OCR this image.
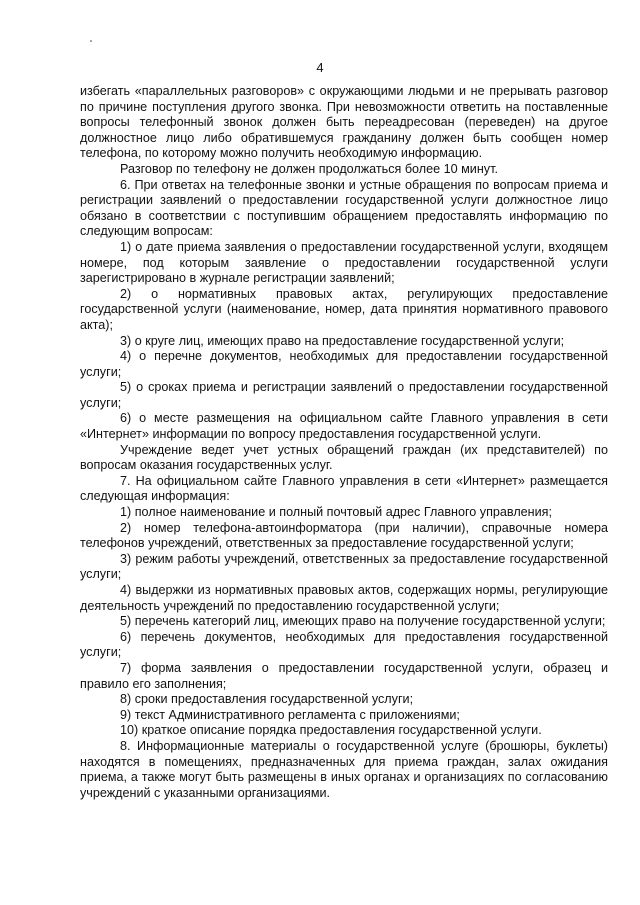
4

избегать «параллельных разговоров» с окружающими людьми и не прерывать разговор по причине поступления другого звонка. При невозможности ответить на поставленные вопросы телефонный звонок должен быть переадресован (переведен) на другое должностное лицо либо обратившемуся гражданину должен быть сообщен номер телефона, по которому можно получить необходимую информацию.

Разговор по телефону не должен продолжаться более 10 минут.

6. При ответах на телефонные звонки и устные обращения по вопросам приема и регистрации заявлений о предоставлении государственной услуги должностное лицо обязано в соответствии с поступившим обращением предоставлять информацию по следующим вопросам:

1) о дате приема заявления о предоставлении государственной услуги, входящем номере, под которым заявление о предоставлении государственной услуги зарегистрировано в журнале регистрации заявлений;

2) о нормативных правовых актах, регулирующих предоставление государственной услуги (наименование, номер, дата принятия нормативного правового акта);

3) о круге лиц, имеющих право на предоставление государственной услуги;

4) о перечне документов, необходимых для предоставлении государственной услуги;

5) о сроках приема и регистрации заявлений о предоставлении государственной услуги;

6) о месте размещения на официальном сайте Главного управления в сети «Интернет» информации по вопросу предоставления государственной услуги.

Учреждение ведет учет устных обращений граждан (их представителей) по вопросам оказания государственных услуг.

7. На официальном сайте Главного управления в сети «Интернет» размещается следующая информация:

1) полное наименование и полный почтовый адрес Главного управления;

2) номер телефона-автоинформатора (при наличии), справочные номера телефонов учреждений, ответственных за предоставление государственной услуги;

3) режим работы учреждений, ответственных за предоставление государственной услуги;

4) выдержки из нормативных правовых актов, содержащих нормы, регулирующие деятельность учреждений по предоставлению государственной услуги;

5) перечень категорий лиц, имеющих право на получение государственной услуги;

6) перечень документов, необходимых для предоставления государственной услуги;

7) форма заявления о предоставлении государственной услуги, образец и правило его заполнения;

8) сроки предоставления государственной услуги;

9) текст Административного регламента с приложениями;

10) краткое описание порядка предоставления государственной услуги.

8. Информационные материалы о государственной услуге (брошюры, буклеты) находятся в помещениях, предназначенных для приема граждан, залах ожидания приема, а также могут быть размещены в иных органах и организациях по согласованию учреждений с указанными организациями.
